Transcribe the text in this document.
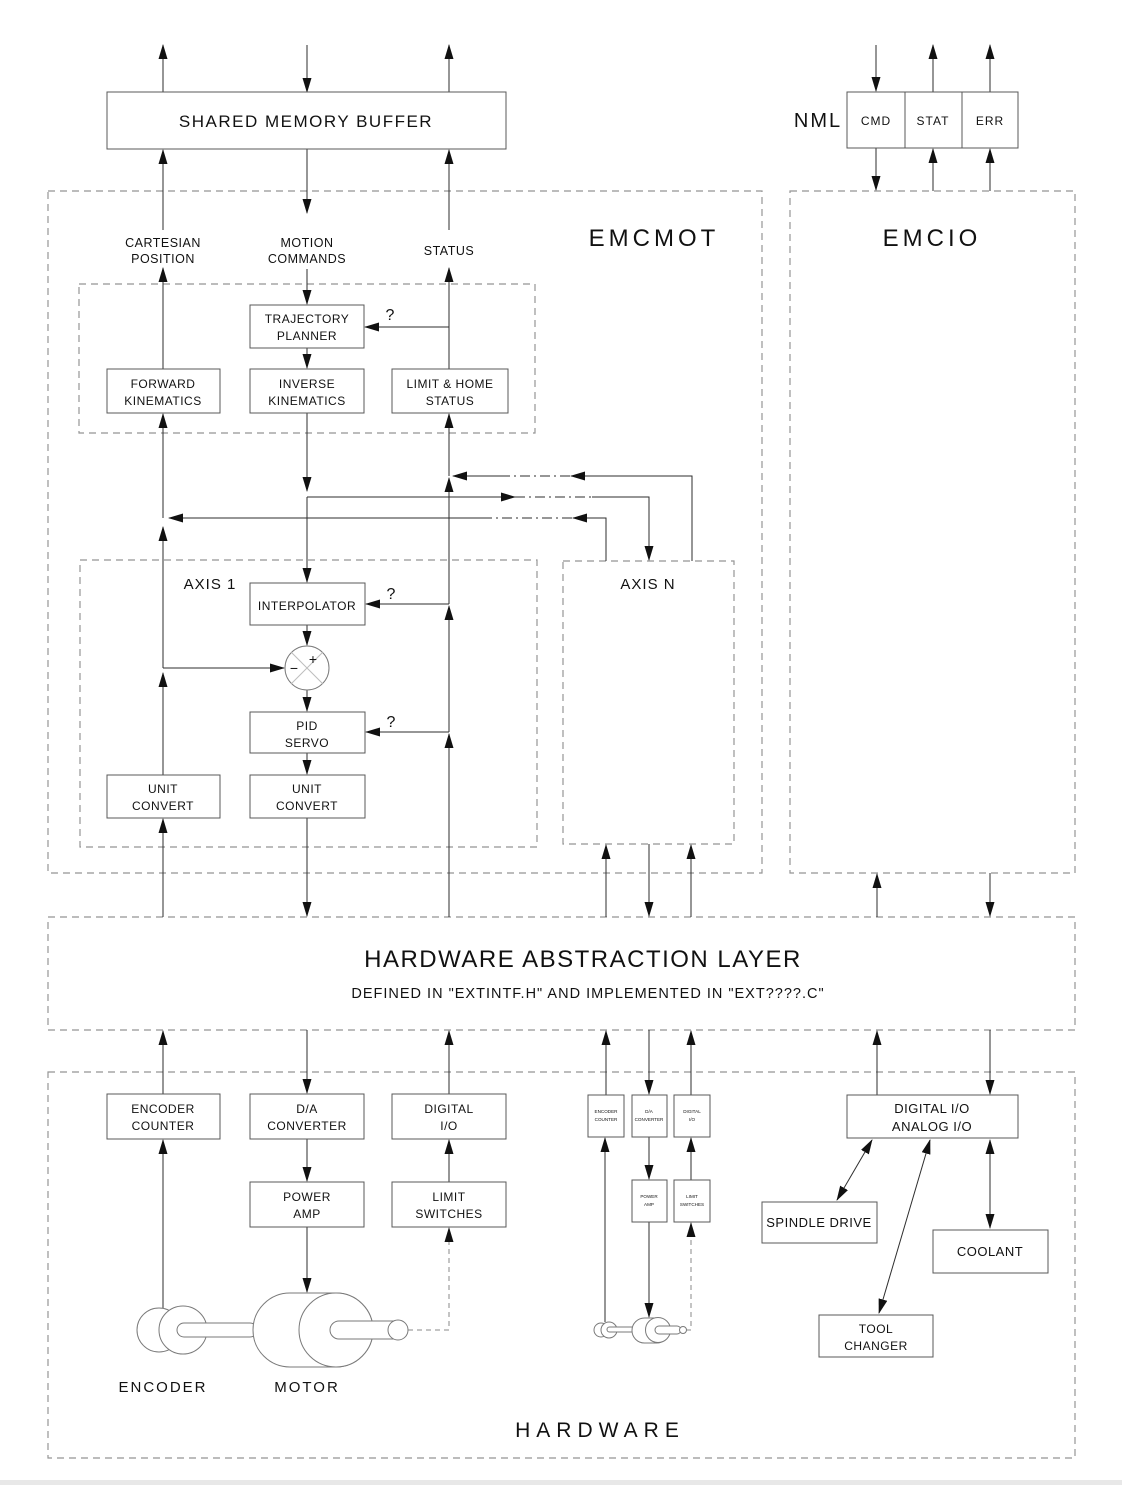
SHARED MEMORY BUFFER	NML CMD STAT ERR
EMCMOT
CARTESIAN
POSITION
MOTION
COMMANDS
STATUS
TRAJECTORY
PLANNER
?
FORWARD
KINEMATICS
INVERSE
KINEMATICS
LIMIT & HOME
STATUS
AXIS 1
INTERPOLATOR
?
+
−
PID
SERVO
?
UNIT
CONVERT
UNIT
CONVERT
AXIS N
EMCIO
HARDWARE ABSTRACTION LAYER
DEFINED IN "EXTINTF.H" AND IMPLEMENTED IN "EXT????.C"
ENCODER
COUNTER
D/A
CONVERTER
DIGITAL
I/O
POWER
AMP
LIMIT
SWITCHES
ENCODER	MOTOR
ENCODER
COUNTER
D/A
CONVERTER
DIGITAL
I/O
POWER
AMP
LIMIT
SWITCHES
DIGITAL I/O
ANALOG I/O
SPINDLE DRIVE
COOLANT
TOOL
CHANGER
HARDWARE
